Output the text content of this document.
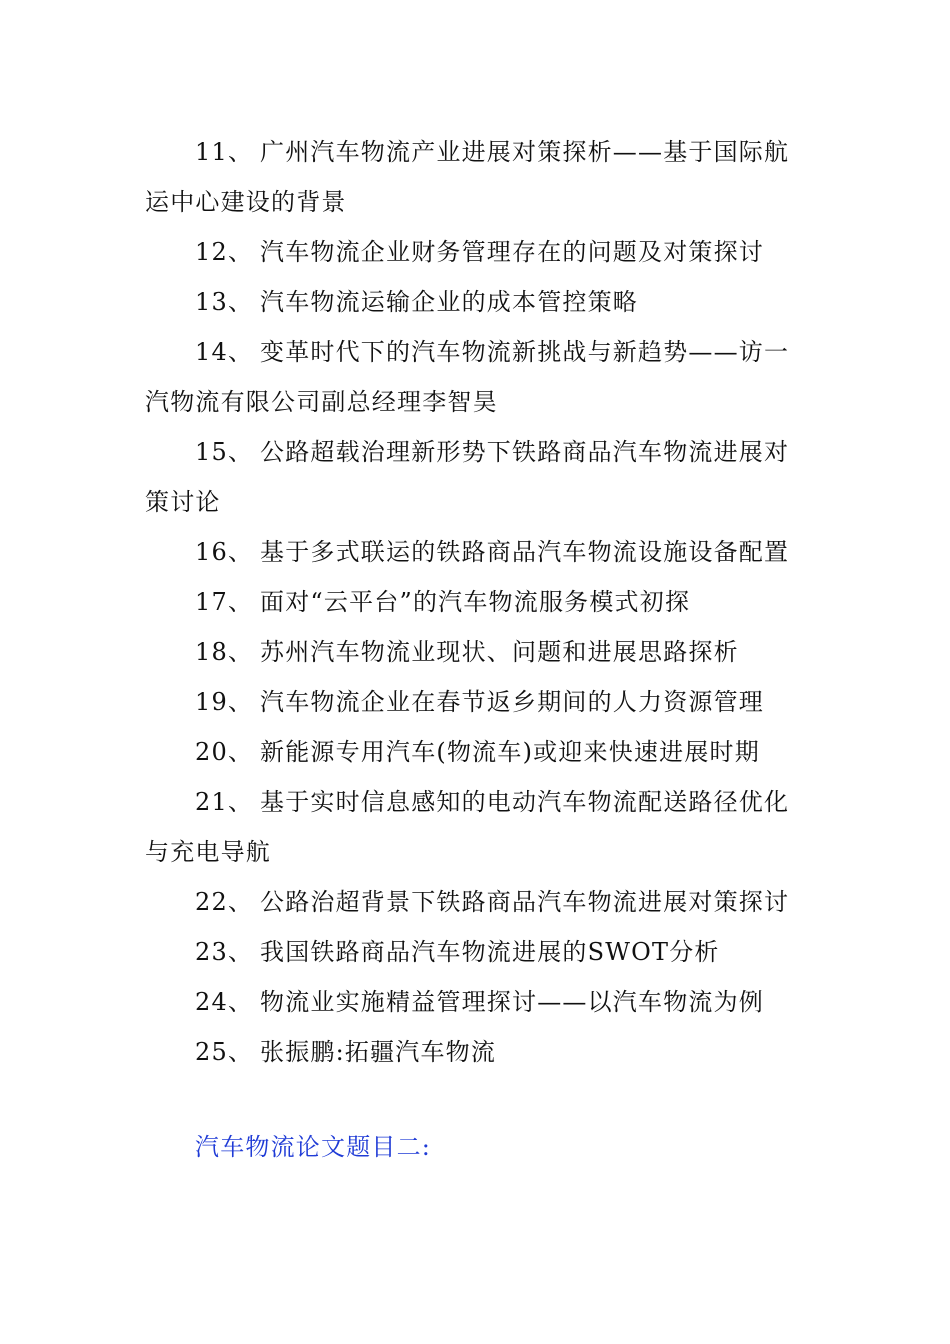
11、 广州汽车物流产业进展对策探析——基于国际航运中心建设的背景

12、 汽车物流企业财务管理存在的问题及对策探讨

13、 汽车物流运输企业的成本管控策略

14、 变革时代下的汽车物流新挑战与新趋势——访一汽物流有限公司副总经理李智昊

15、 公路超载治理新形势下铁路商品汽车物流进展对策讨论

16、 基于多式联运的铁路商品汽车物流设施设备配置

17、 面对“云平台”的汽车物流服务模式初探

18、 苏州汽车物流业现状、问题和进展思路探析

19、 汽车物流企业在春节返乡期间的人力资源管理

20、 新能源专用汽车(物流车)或迎来快速进展时期

21、 基于实时信息感知的电动汽车物流配送路径优化与充电导航

22、 公路治超背景下铁路商品汽车物流进展对策探讨

23、 我国铁路商品汽车物流进展的SWOT分析

24、 物流业实施精益管理探讨——以汽车物流为例

25、 张振鹏:拓疆汽车物流

汽车物流论文题目二:
